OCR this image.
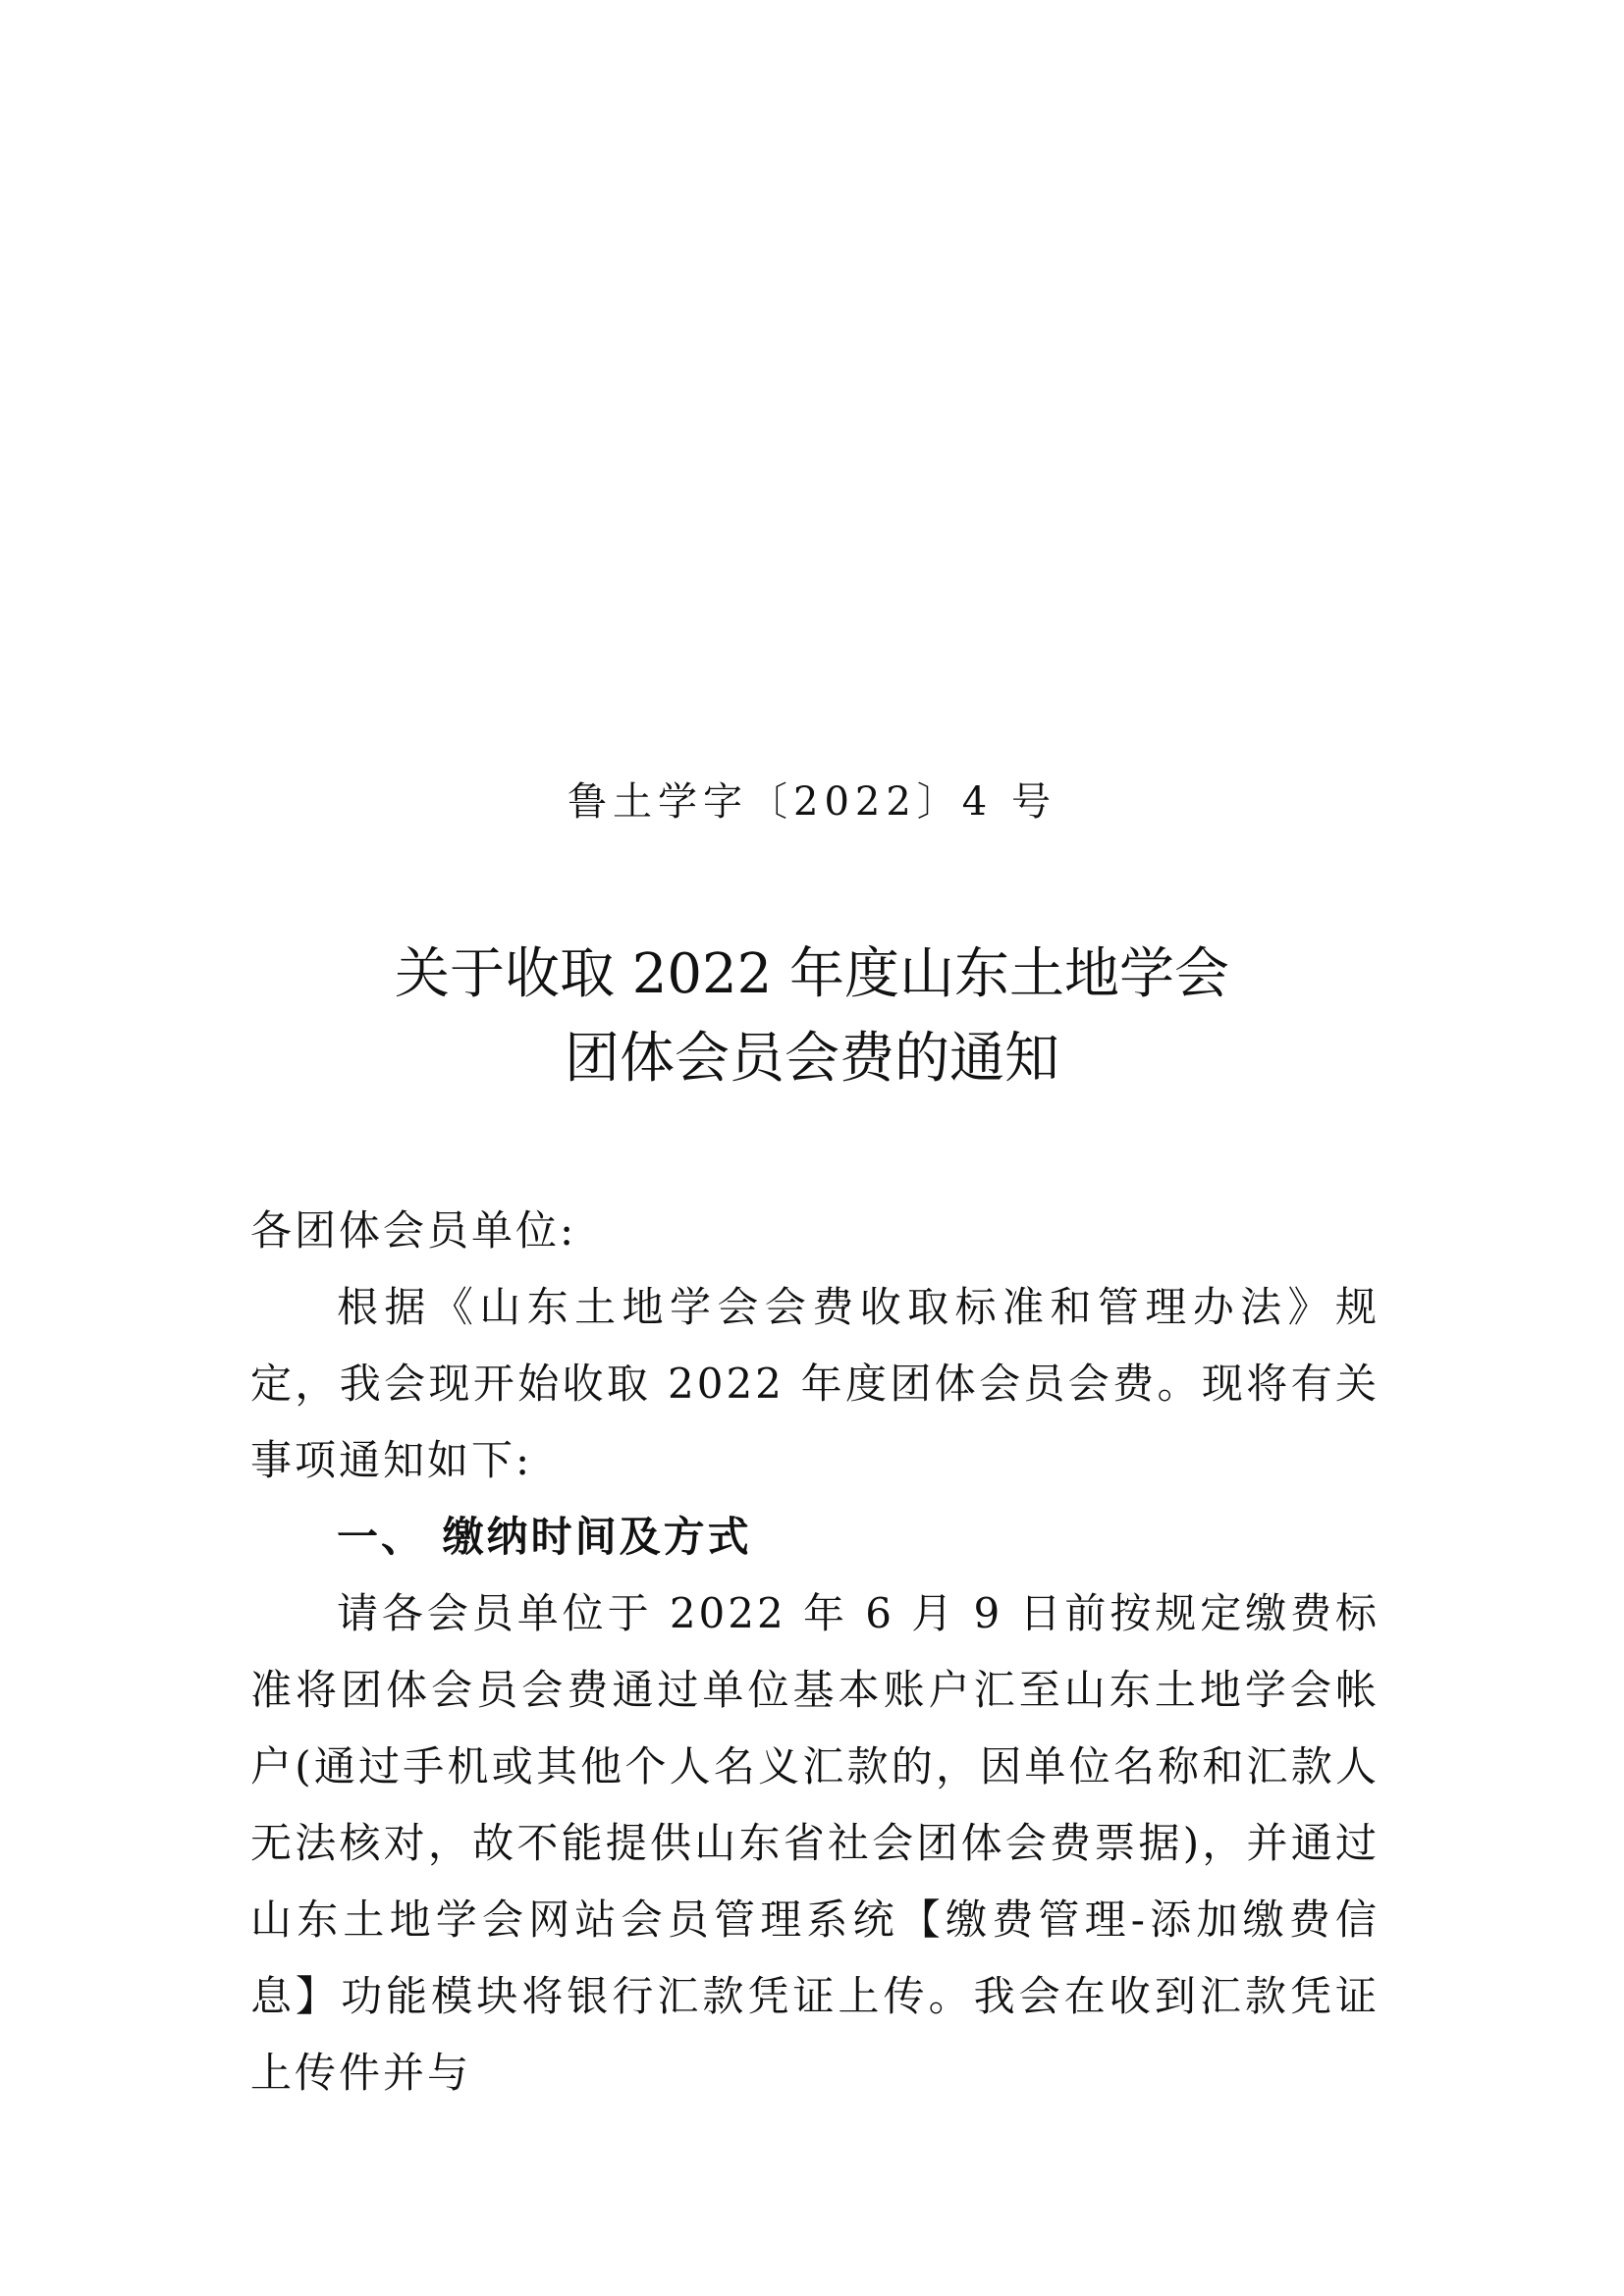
鲁土学字〔2022〕4 号
关于收取 2022 年度山东土地学会
团体会员会费的通知

各团体会员单位:

根据《山东土地学会会费收取标准和管理办法》规定，我会现开始收取 2022 年度团体会员会费。现将有关事项通知如下:

一、 缴纳时间及方式

请各会员单位于 2022 年 6 月 9 日前按规定缴费标准将团体会员会费通过单位基本账户汇至山东土地学会帐户(通过手机或其他个人名义汇款的，因单位名称和汇款人无法核对，故不能提供山东省社会团体会费票据)，并通过山东土地学会网站会员管理系统【缴费管理-添加缴费信息】功能模块将银行汇款凭证上传。我会在收到汇款凭证上传件并与
